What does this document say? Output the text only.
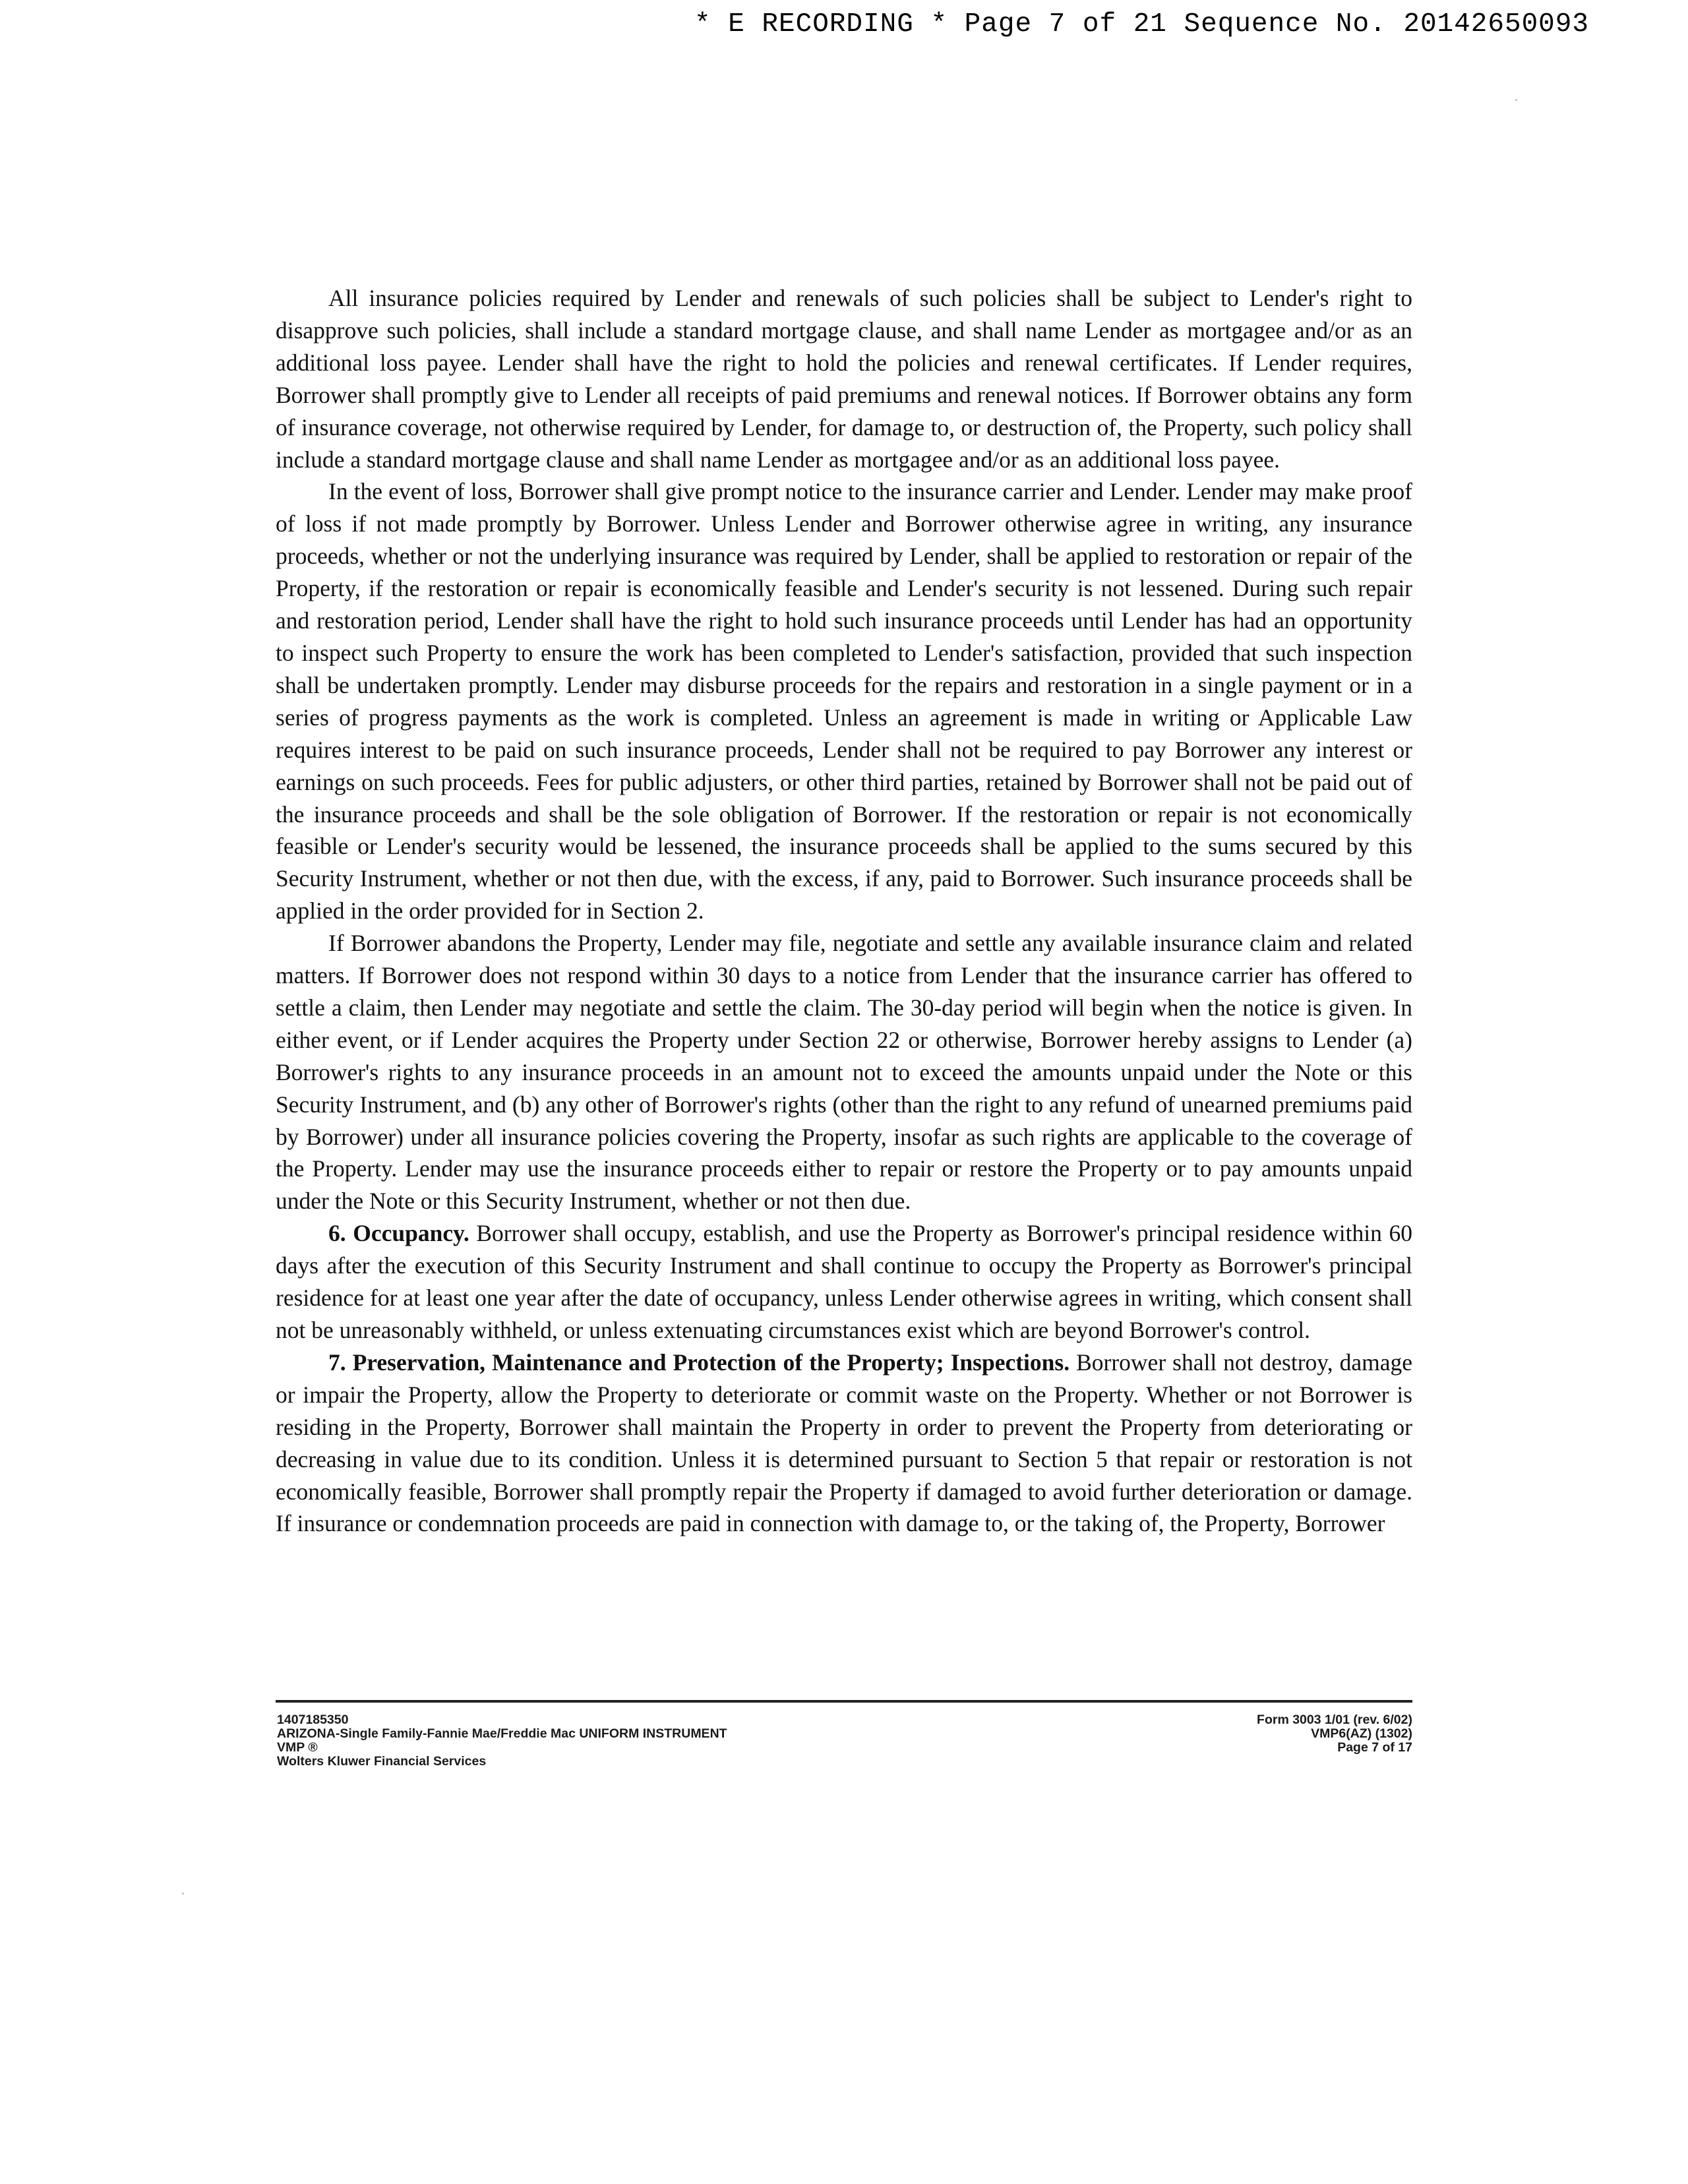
* E RECORDING * Page 7 of 21 Sequence No. 20142650093

All insurance policies required by Lender and renewals of such policies shall be subject to Lender's right to disapprove such policies, shall include a standard mortgage clause, and shall name Lender as mortgagee and/or as an additional loss payee. Lender shall have the right to hold the policies and renewal certificates. If Lender requires, Borrower shall promptly give to Lender all receipts of paid premiums and renewal notices. If Borrower obtains any form of insurance coverage, not otherwise required by Lender, for damage to, or destruction of, the Property, such policy shall include a standard mortgage clause and shall name Lender as mortgagee and/or as an additional loss payee.

In the event of loss, Borrower shall give prompt notice to the insurance carrier and Lender. Lender may make proof of loss if not made promptly by Borrower. Unless Lender and Borrower otherwise agree in writing, any insurance proceeds, whether or not the underlying insurance was required by Lender, shall be applied to restoration or repair of the Property, if the restoration or repair is economically feasible and Lender's security is not lessened. During such repair and restoration period, Lender shall have the right to hold such insurance proceeds until Lender has had an opportunity to inspect such Property to ensure the work has been completed to Lender's satisfaction, provided that such inspection shall be undertaken promptly. Lender may disburse proceeds for the repairs and restoration in a single payment or in a series of progress payments as the work is completed. Unless an agreement is made in writing or Applicable Law requires interest to be paid on such insurance proceeds, Lender shall not be required to pay Borrower any interest or earnings on such proceeds. Fees for public adjusters, or other third parties, retained by Borrower shall not be paid out of the insurance proceeds and shall be the sole obligation of Borrower. If the restoration or repair is not economically feasible or Lender's security would be lessened, the insurance proceeds shall be applied to the sums secured by this Security Instrument, whether or not then due, with the excess, if any, paid to Borrower. Such insurance proceeds shall be applied in the order provided for in Section 2.

If Borrower abandons the Property, Lender may file, negotiate and settle any available insurance claim and related matters. If Borrower does not respond within 30 days to a notice from Lender that the insurance carrier has offered to settle a claim, then Lender may negotiate and settle the claim. The 30-day period will begin when the notice is given. In either event, or if Lender acquires the Property under Section 22 or otherwise, Borrower hereby assigns to Lender (a) Borrower's rights to any insurance proceeds in an amount not to exceed the amounts unpaid under the Note or this Security Instrument, and (b) any other of Borrower's rights (other than the right to any refund of unearned premiums paid by Borrower) under all insurance policies covering the Property, insofar as such rights are applicable to the coverage of the Property. Lender may use the insurance proceeds either to repair or restore the Property or to pay amounts unpaid under the Note or this Security Instrument, whether or not then due.

6. Occupancy. Borrower shall occupy, establish, and use the Property as Borrower's principal residence within 60 days after the execution of this Security Instrument and shall continue to occupy the Property as Borrower's principal residence for at least one year after the date of occupancy, unless Lender otherwise agrees in writing, which consent shall not be unreasonably withheld, or unless extenuating circumstances exist which are beyond Borrower's control.

7. Preservation, Maintenance and Protection of the Property; Inspections. Borrower shall not destroy, damage or impair the Property, allow the Property to deteriorate or commit waste on the Property. Whether or not Borrower is residing in the Property, Borrower shall maintain the Property in order to prevent the Property from deteriorating or decreasing in value due to its condition. Unless it is determined pursuant to Section 5 that repair or restoration is not economically feasible, Borrower shall promptly repair the Property if damaged to avoid further deterioration or damage. If insurance or condemnation proceeds are paid in connection with damage to, or the taking of, the Property, Borrower

1407185350
ARIZONA-Single Family-Fannie Mae/Freddie Mac UNIFORM INSTRUMENT
VMP ®
Wolters Kluwer Financial Services
Form 3003 1/01 (rev. 6/02)
VMP6(AZ) (1302)
Page 7 of 17
